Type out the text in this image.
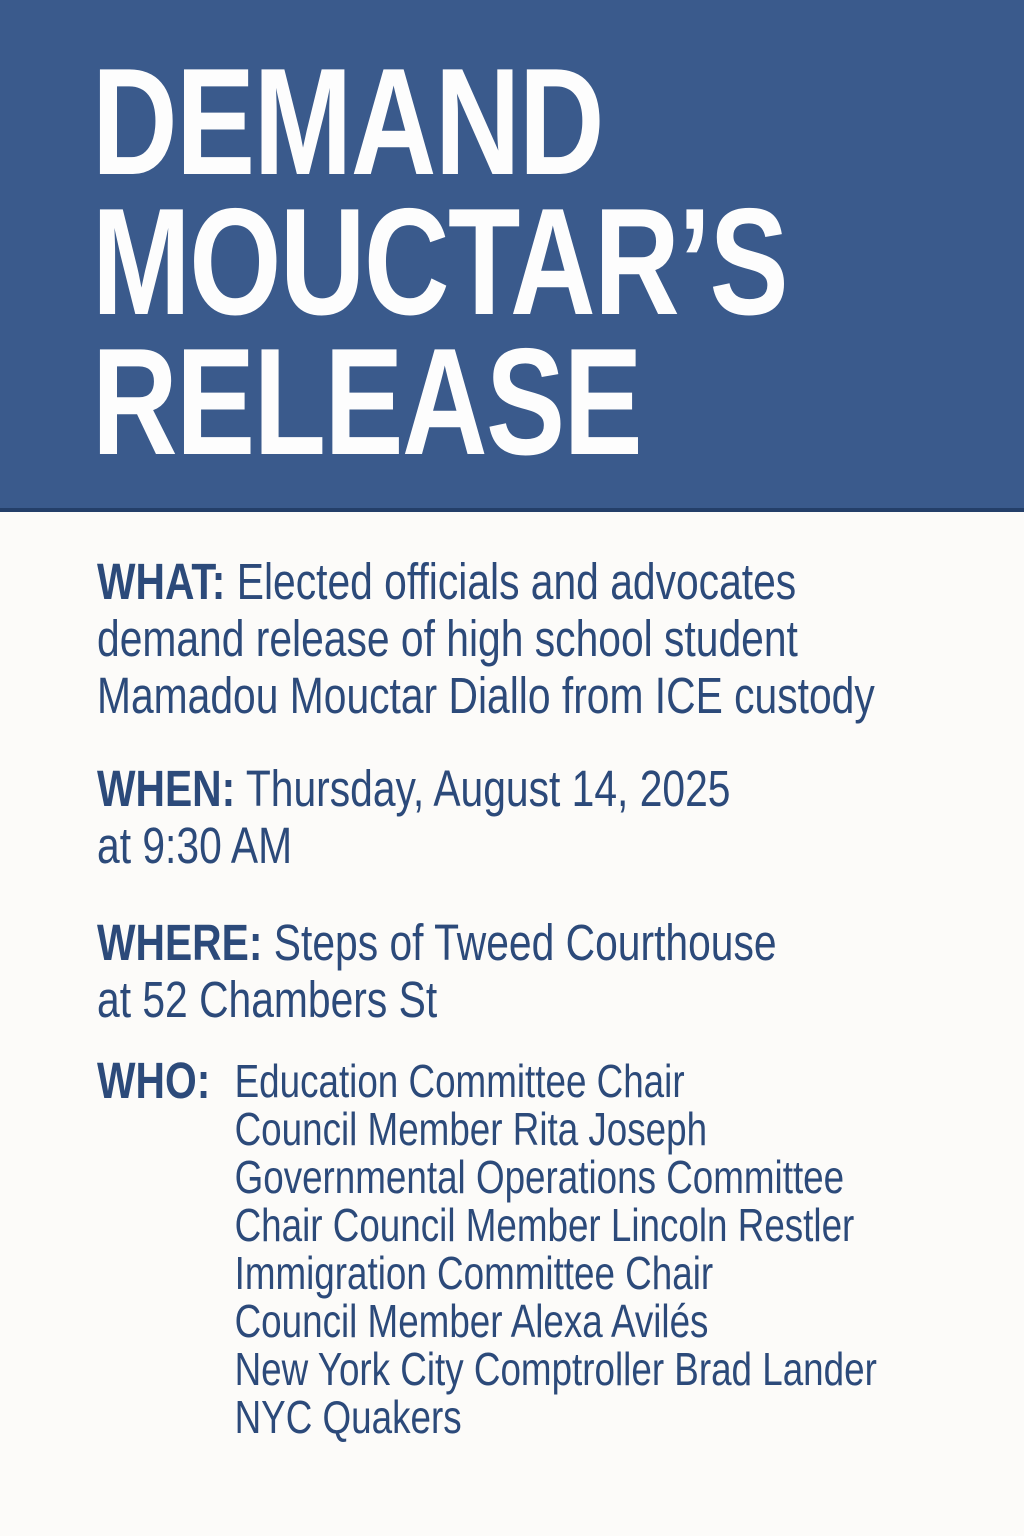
DEMAND
MOUCTAR’S
RELEASE
WHAT: Elected officials and advocates
demand release of high school student
Mamadou Mouctar Diallo from ICE custody
WHEN: Thursday, August 14, 2025
at 9:30 AM
WHERE: Steps of Tweed Courthouse
at 52 Chambers St
WHO: Education Committee Chair
Council Member Rita Joseph
Governmental Operations Committee
Chair Council Member Lincoln Restler
Immigration Committee Chair
Council Member Alexa Avilés
New York City Comptroller Brad Lander
NYC Quakers
